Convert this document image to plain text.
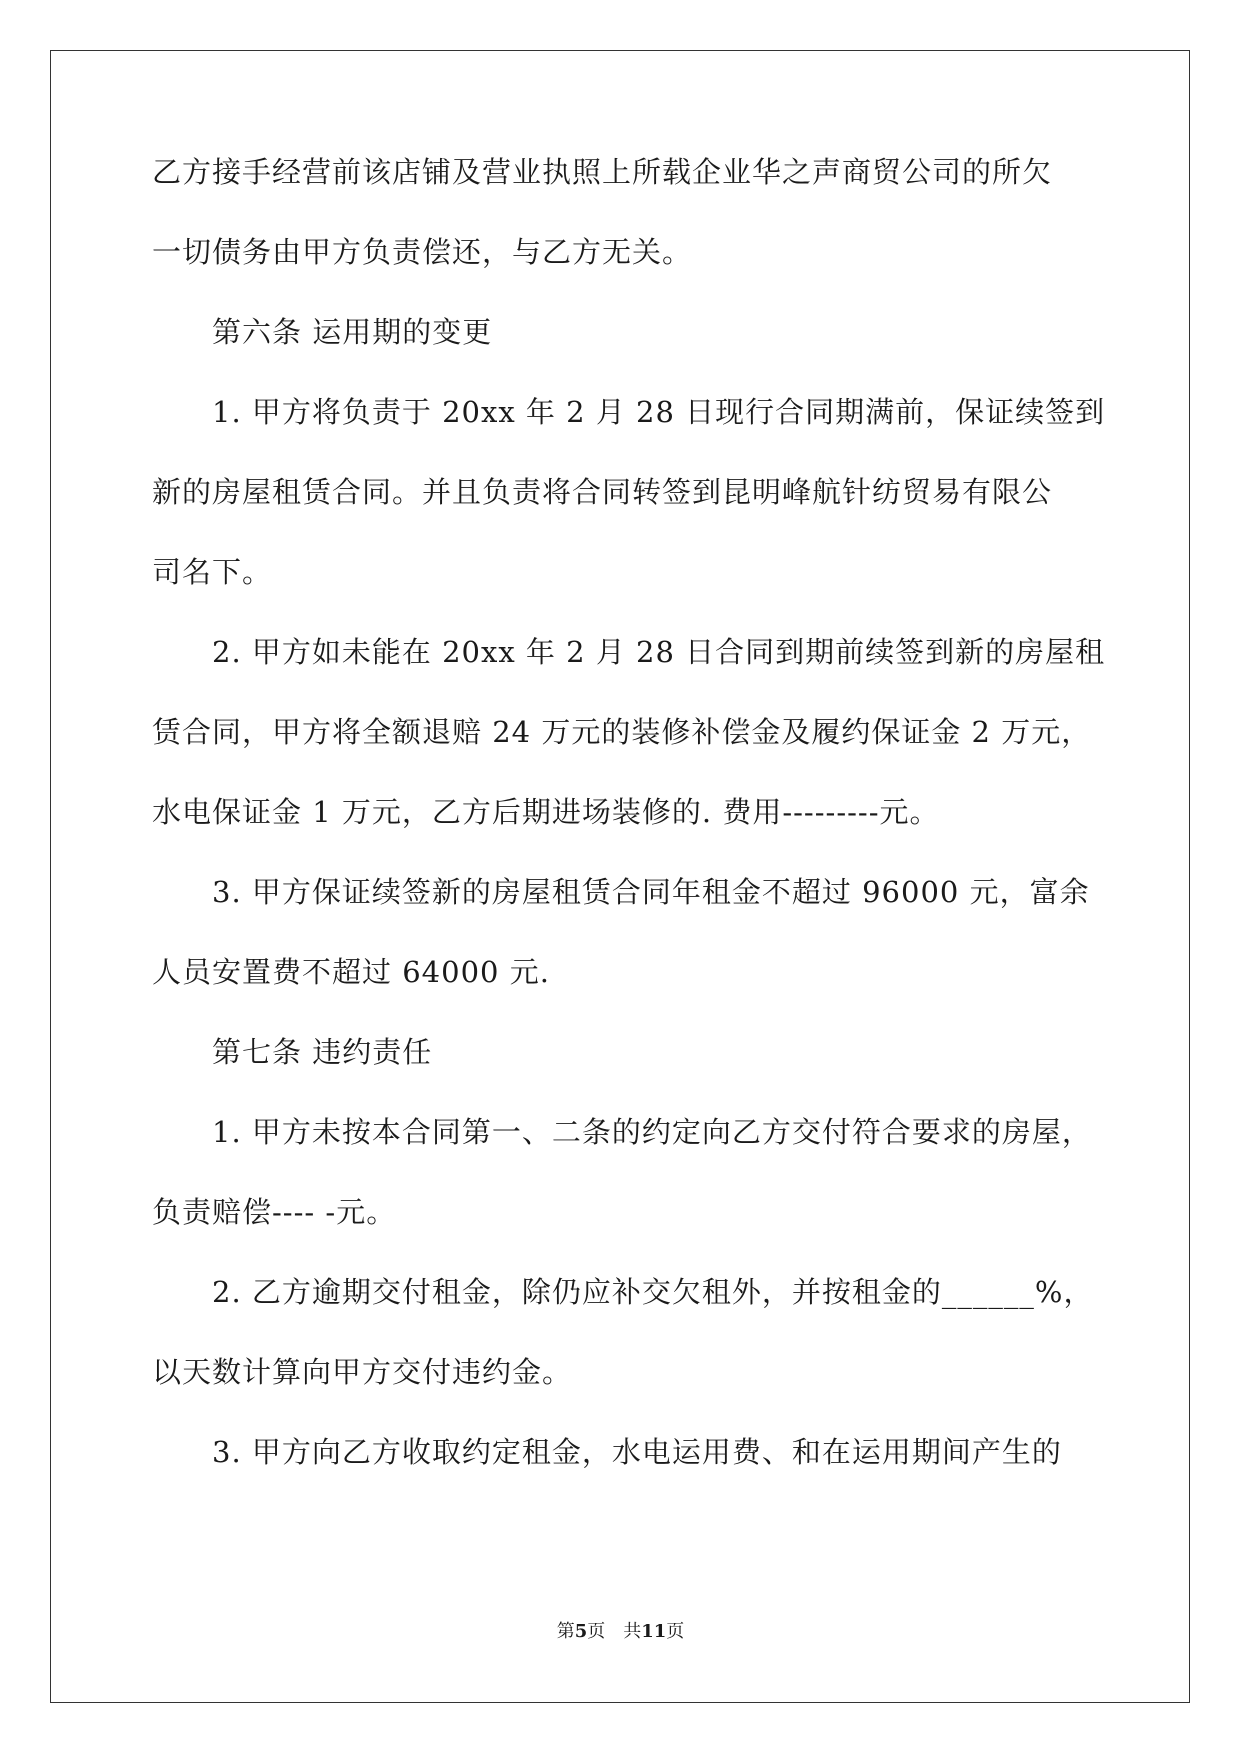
乙方接手经营前该店铺及营业执照上所载企业华之声商贸公司的所欠
一切债务由甲方负责偿还，与乙方无关。
第六条 运用期的变更
1. 甲方将负责于 20xx 年 2 月 28 日现行合同期满前，保证续签到
新的房屋租赁合同。并且负责将合同转签到昆明峰航针纺贸易有限公
司名下。
2. 甲方如未能在 20xx 年 2 月 28 日合同到期前续签到新的房屋租
赁合同，甲方将全额退赔 24 万元的装修补偿金及履约保证金 2 万元，
水电保证金 1 万元，乙方后期进场装修的. 费用---------元。
3. 甲方保证续签新的房屋租赁合同年租金不超过 96000 元，富余
人员安置费不超过 64000 元.
第七条 违约责任
1. 甲方未按本合同第一、二条的约定向乙方交付符合要求的房屋，
负责赔偿---- -元。
2. 乙方逾期交付租金，除仍应补交欠租外，并按租金的______%，
以天数计算向甲方交付违约金。
3. 甲方向乙方收取约定租金，水电运用费、和在运用期间产生的
第5页　共11页
